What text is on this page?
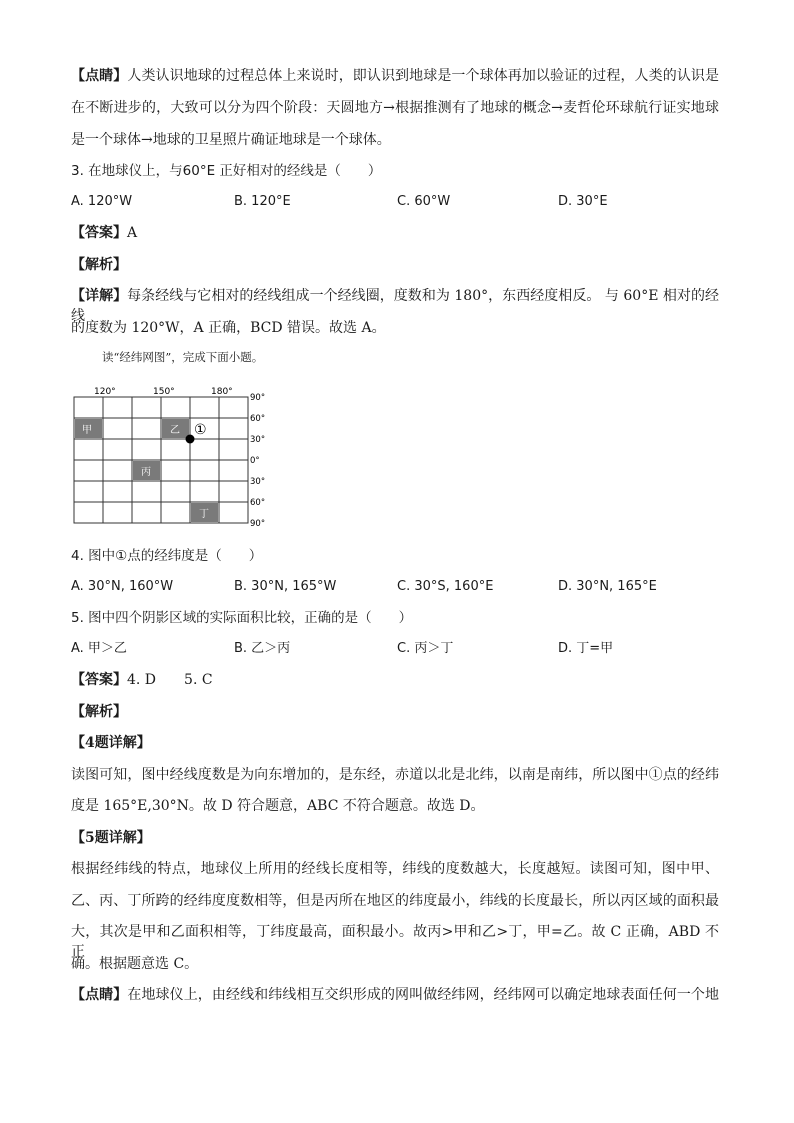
【点睛】人类认识地球的过程总体上来说时，即认识到地球是一个球体再加以验证的过程，人类的认识是
在不断进步的，大致可以分为四个阶段：天圆地方→根据推测有了地球的概念→麦哲伦环球航行证实地球
是一个球体→地球的卫星照片确证地球是一个球体。
3. 在地球仪上，与60°E 正好相对的经线是（　　）
A. 120°W	B. 120°E	C. 60°W	D. 30°E
【答案】A
【解析】
【详解】每条经线与它相对的经线组成一个经线圈，度数和为 180°，东西经度相反。 与 60°E 相对的经线
的度数为 120°W，A 正确，BCD 错误。故选 A。
读“经纬网图”，完成下面小题。
120°	150°	180°
90°
60°
30°
0°
30°
60°
90°
甲	乙
丙
丁
①
4. 图中①点的经纬度是（　　）
A. 30°N, 160°W	B. 30°N, 165°W	C. 30°S, 160°E	D. 30°N, 165°E
5. 图中四个阴影区域的实际面积比较，正确的是（　　）
A. 甲＞乙	B. 乙＞丙	C. 丙＞丁	D. 丁=甲
【答案】4. D　　5. C
【解析】
【4题详解】
读图可知，图中经线度数是为向东增加的，是东经，赤道以北是北纬，以南是南纬，所以图中①点的经纬
度是 165°E,30°N。故 D 符合题意，ABC 不符合题意。故选 D。
【5题详解】
根据经纬线的特点，地球仪上所用的经线长度相等，纬线的度数越大，长度越短。读图可知，图中甲、
乙、丙、丁所跨的经纬度度数相等，但是丙所在地区的纬度最小，纬线的长度最长，所以丙区域的面积最
大，其次是甲和乙面积相等，丁纬度最高，面积最小。故丙>甲和乙>丁，甲=乙。故 C 正确，ABD 不正
确。根据题意选 C。
【点睛】在地球仪上，由经线和纬线相互交织形成的网叫做经纬网，经纬网可以确定地球表面任何一个地
